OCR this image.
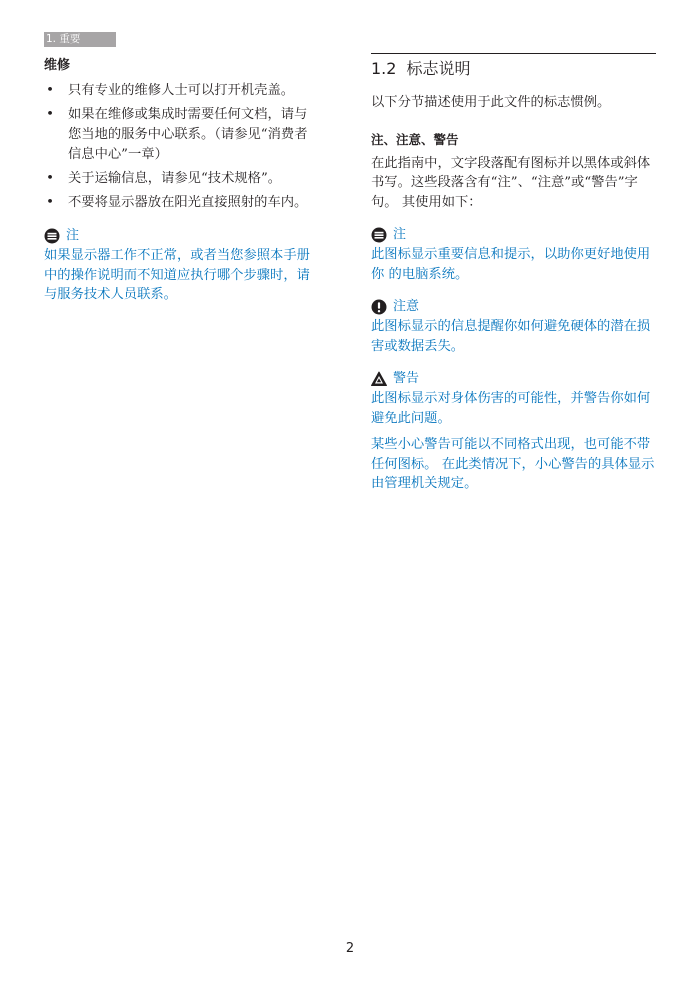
1. 重要
维修
• 只有专业的维修人士可以打开机壳盖。
• 如果在维修或集成时需要任何文档，请与您当地的服务中心联系。（请参见“消费者信息中心”一章）
• 关于运输信息，请参见“技术规格”。
• 不要将显示器放在阳光直接照射的车内。
注
如果显示器工作不正常，或者当您参照本手册中的操作说明而不知道应执行哪个步骤时，请与服务技术人员联系。
1.2 标志说明
以下分节描述使用于此文件的标志惯例。
注、注意、警告
在此指南中，文字段落配有图标并以黑体或斜体书写。这些段落含有“注”、“注意”或“警告”字句。 其使用如下：
注
此图标显示重要信息和提示，以助你更好地使用你 的电脑系统。
注意
此图标显示的信息提醒你如何避免硬体的潜在损害或数据丢失。
警告
此图标显示对身体伤害的可能性，并警告你如何避免此问题。
某些小心警告可能以不同格式出现，也可能不带任何图标。 在此类情况下，小心警告的具体显示由管理机关规定。
2
